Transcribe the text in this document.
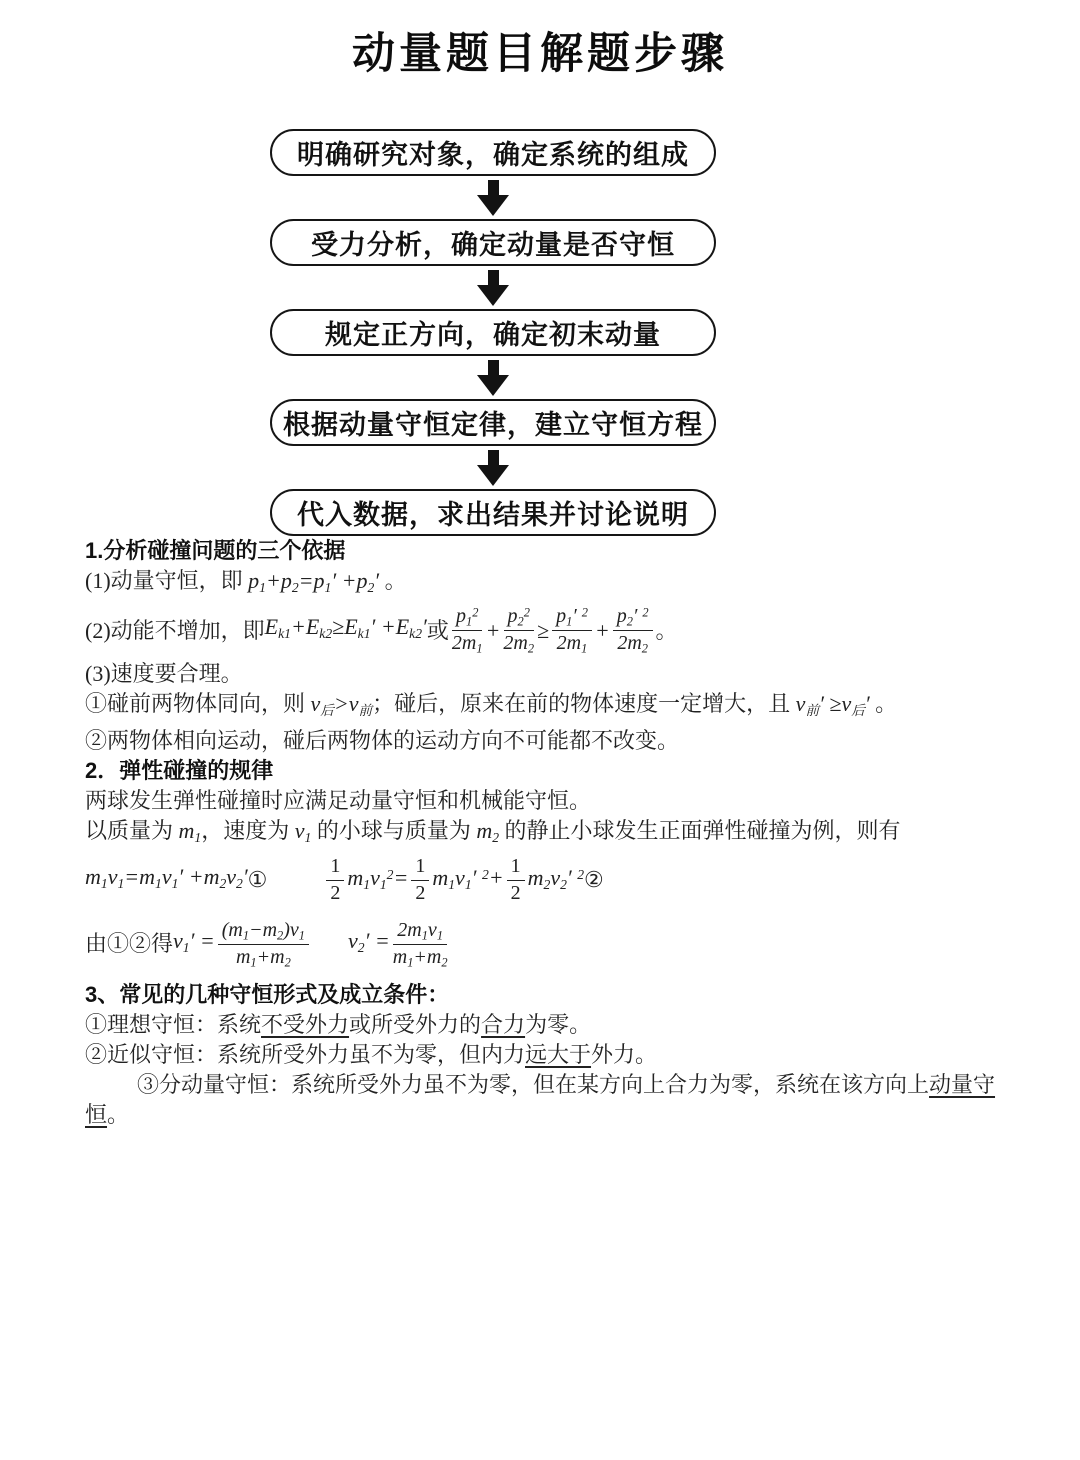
动量题目解题步骤
明确研究对象，确定系统的组成
受力分析，确定动量是否守恒
规定正方向，确定初末动量
根据动量守恒定律，建立守恒方程
代入数据，求出结果并讨论说明

1.分析碰撞问题的三个依据

(1)动量守恒，即 $p_1+p_2=p_1' +p_2'$ 。

(2)动能不增加，即 $E_{k1}+E_{k2}\ge E_{k1}' +E_{k2}'$ 或 $\frac{p_1^2}{2m_1} + \frac{p_2^2}{2m_2} \ge \frac{p_1' ^2}{2m_1} + \frac{p_2' ^2}{2m_2}$ 。

(3)速度要合理。

①碰前两物体同向，则 $v_后>v_前$；碰后，原来在前的物体速度一定增大，且 $v_前' \ge v_后'$ 。

②两物体相向运动，碰后两物体的运动方向不可能都不改变。

2．弹性碰撞的规律

两球发生弹性碰撞时应满足动量守恒和机械能守恒。

以质量为 $m_1$，速度为 $v_1$ 的小球与质量为 $m_2$ 的静止小球发生正面弹性碰撞为例，则有

$m_1v_1=m_1v_1' +m_2v_2'$ ①	$\frac{1}{2} m_1v_1^2= \frac{1}{2} m_1v_1'$ $^2+ \frac{1}{2} m_2v_2'$ $^2$ ②

由①②得 $v_1' = \frac{(m_1-m_2)v_1}{m_1+m_2} v_2' = \frac{2m_1v_1}{m_1+m_2}$

3、常见的几种守恒形式及成立条件：

①理想守恒：系统不受外力或所受外力的合力为零。

②近似守恒：系统所受外力虽不为零，但内力远大于外力。

③分动量守恒：系统所受外力虽不为零，但在某方向上合力为零，系统在该方向上动量守恒。
